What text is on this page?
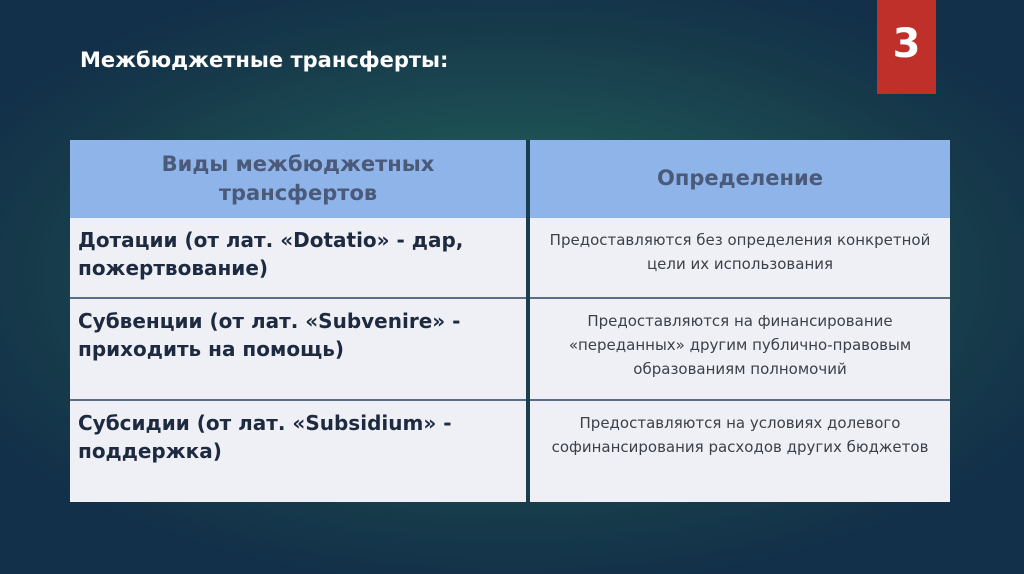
Межбюджетные трансферты:	3
Виды межбюджетных трансфертов
Дотации (от лат. «Dotatio» - дар, пожертвование)
Субвенции (от лат. «Subvenire» - приходить на помощь)
Субсидии (от лат. «Subsidium» - поддержка)
Определение
Предоставляются без определения конкретной цели их использования
Предоставляются на финансирование «переданных» другим публично-правовым образованиям полномочий
Предоставляются на условиях долевого софинансирования расходов других бюджетов
